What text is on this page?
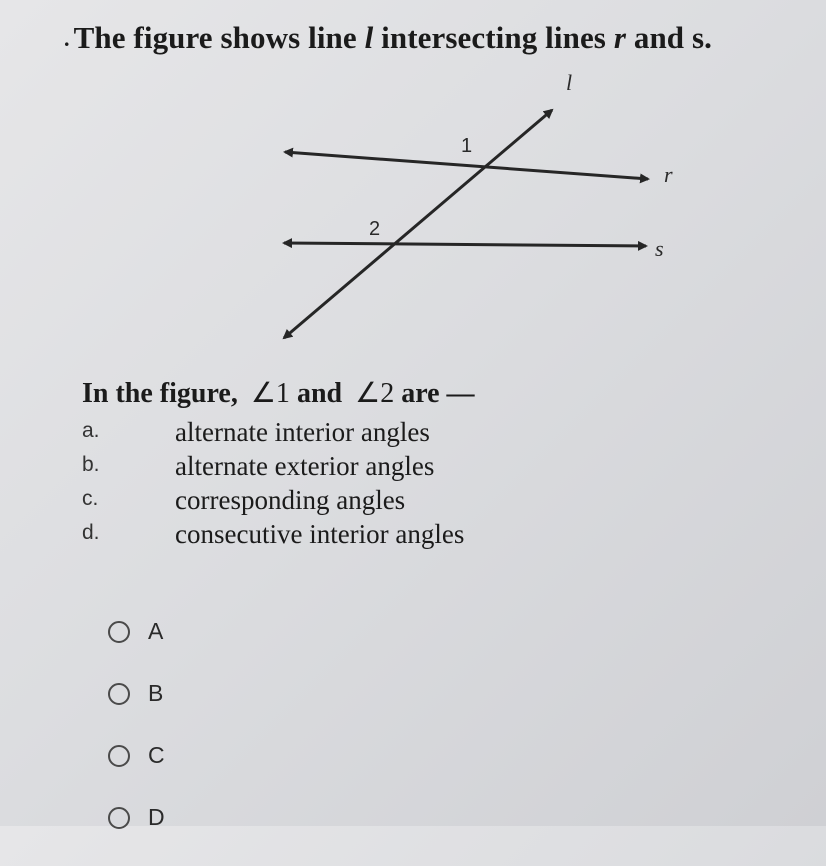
. The figure shows line l intersecting lines r and s.
l
r
s
1
2

In the figure, ∠1 and ∠2 are —

a.	alternate interior angles
b.	alternate exterior angles
c.	corresponding angles
d.	consecutive interior angles
A
B
C
D
